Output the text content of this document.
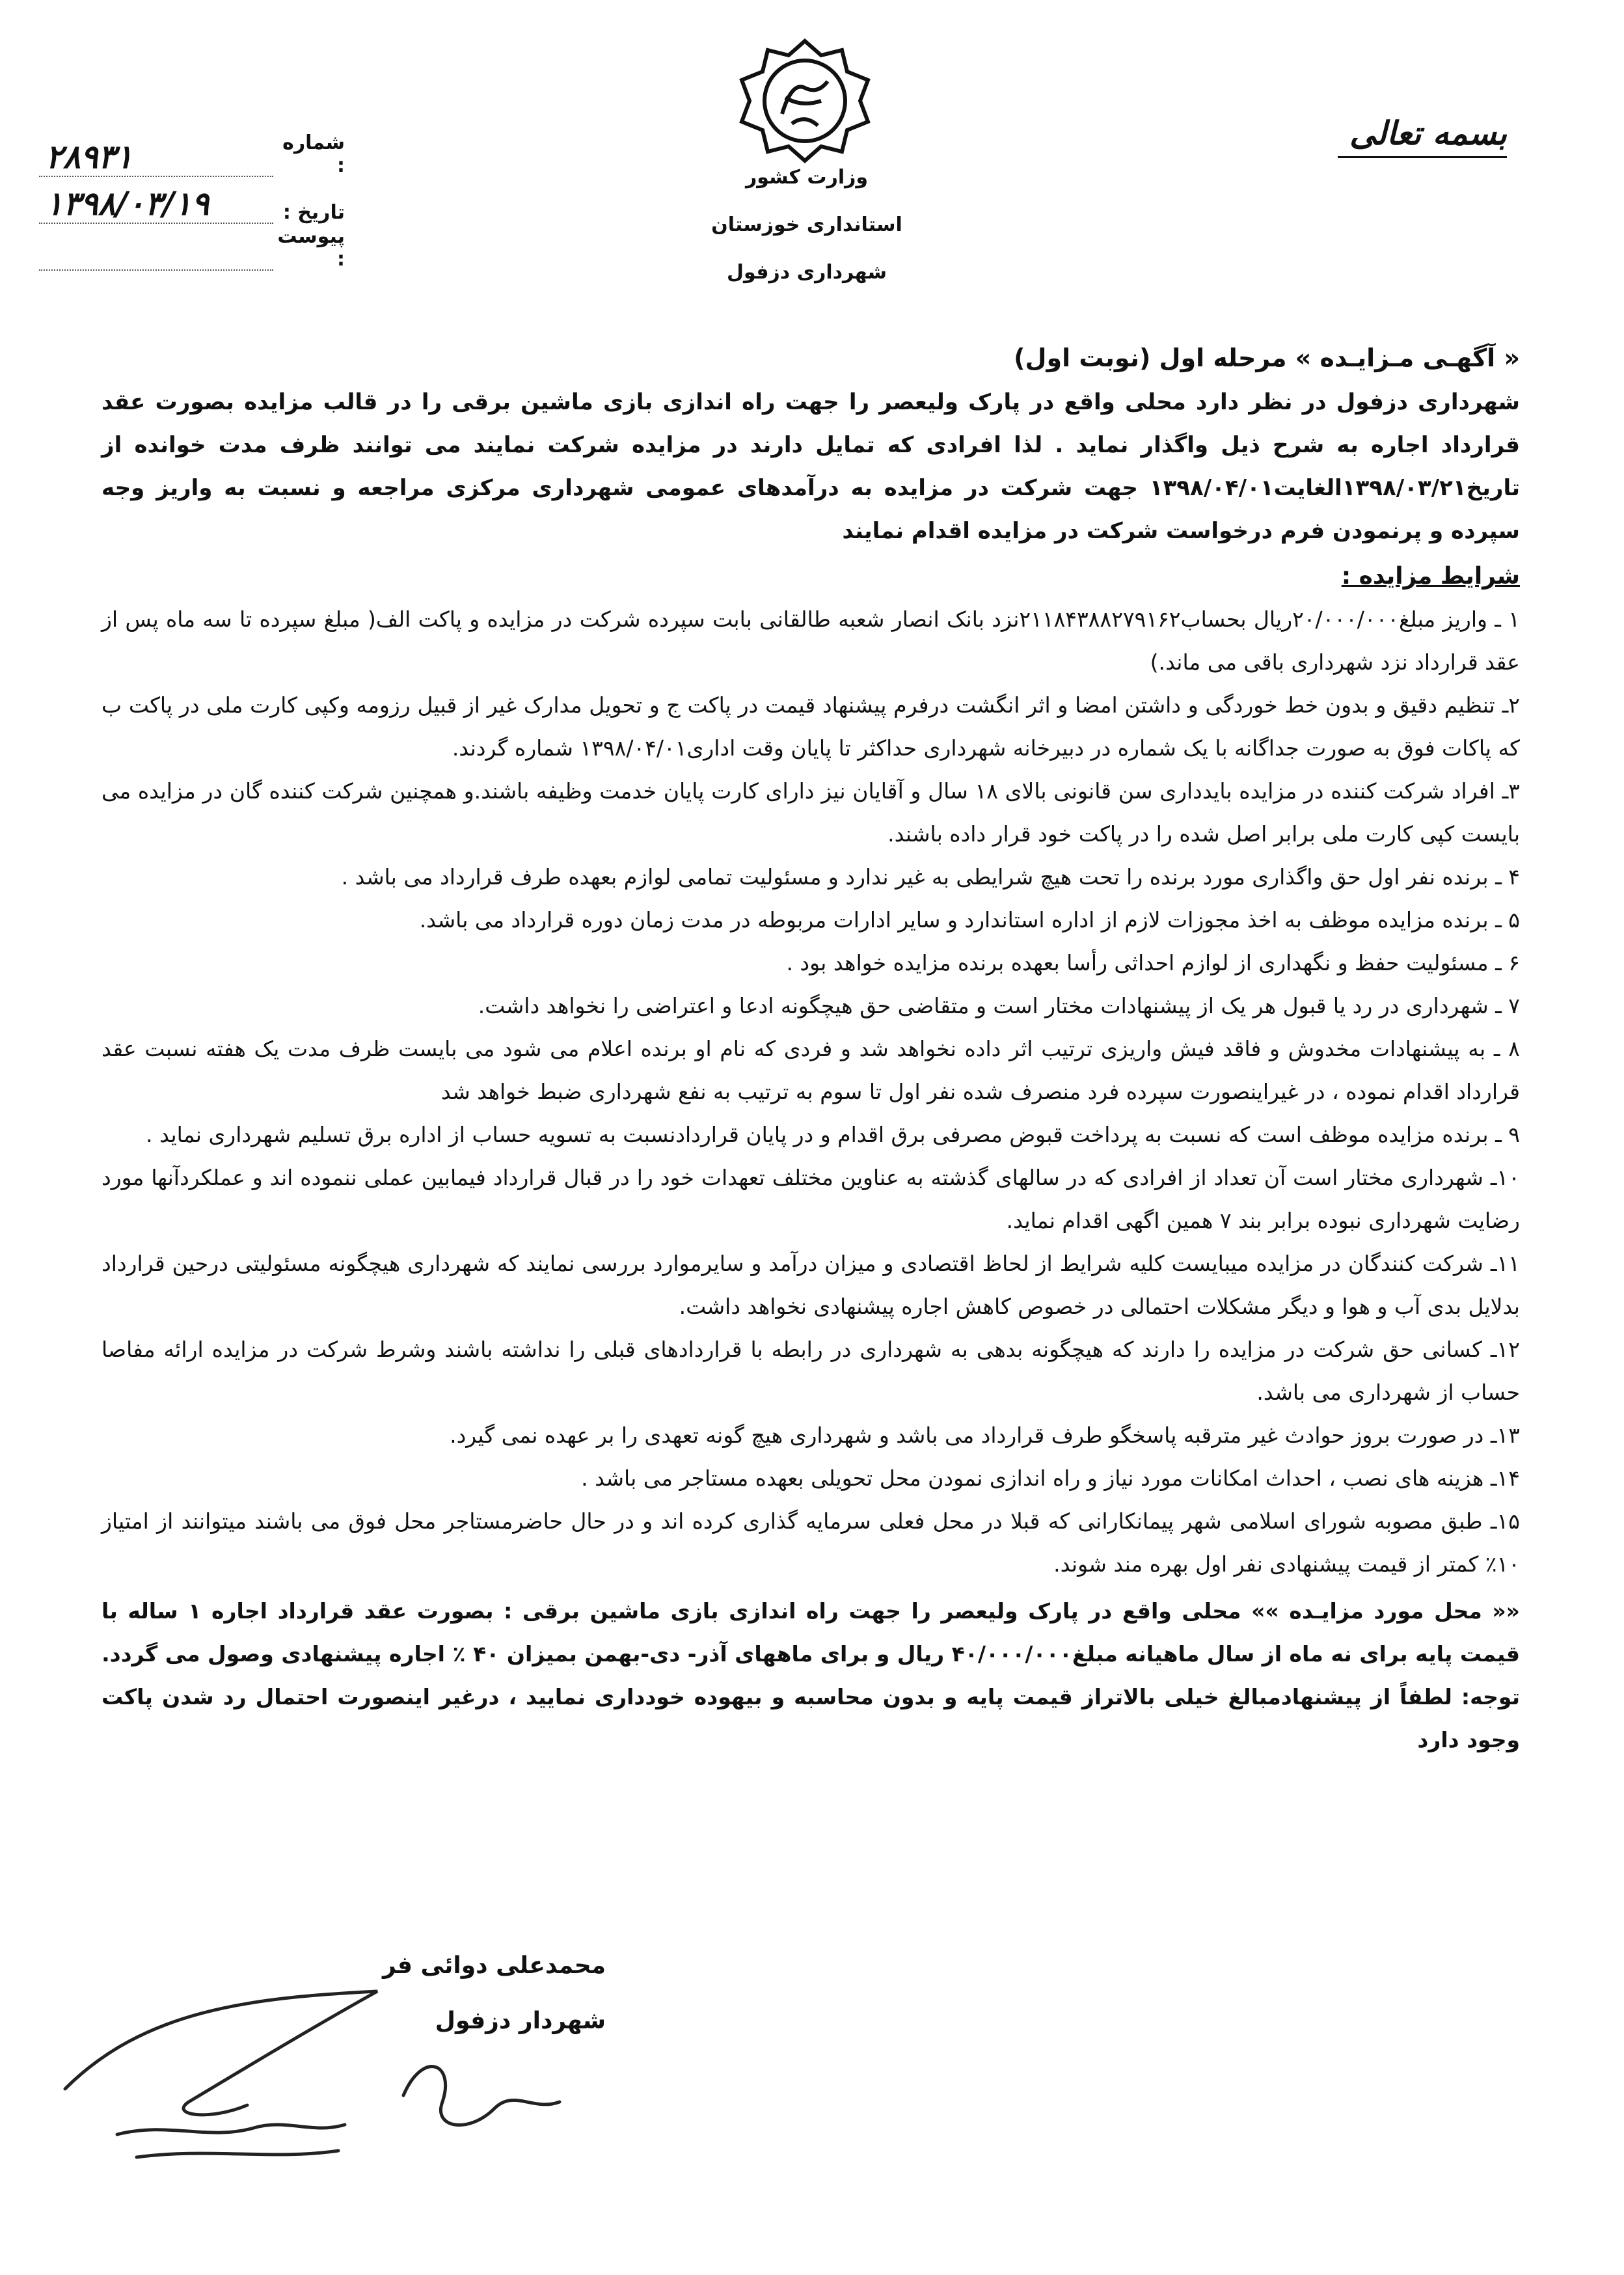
بسمه تعالی
وزارت کشور
استانداری خوزستان
شهرداری دزفول
شماره :
۲۸۹۳۱
تاریخ :
۱۳۹۸/۰۳/۱۹
پیوست :
« آگهـی مـزایـده » مرحله اول (نوبت اول)
شهرداری دزفول در نظر دارد محلی واقع در پارک ولیعصر را جهت راه اندازی بازی ماشین برقی را در قالب مزایده بصورت عقد قرارداد اجاره به شرح ذیل واگذار نماید . لذا افرادی که تمایل دارند در مزایده شرکت نمایند می توانند ظرف مدت خوانده از تاریخ۱۳۹۸/۰۳/۲۱الغایت۱۳۹۸/۰۴/۰۱ جهت شرکت در مزایده به درآمدهای عمومی شهرداری مرکزی مراجعه و نسبت به واریز وجه سپرده و پرنمودن فرم درخواست شرکت در مزایده اقدام نمایند
شرایط مزایده :
۱ ـ واریز مبلغ۲۰/۰۰۰/۰۰۰ریال بحساب۲۱۱۸۴۳۸۸۲۷۹۱۶۲نزد بانک انصار شعبه طالقانی بابت سپرده شرکت در مزایده و پاکت الف( مبلغ سپرده تا سه ماه پس از عقد قرارداد نزد شهرداری باقی می ماند.)
۲ـ تنظیم دقیق و بدون خط خوردگی و داشتن امضا و اثر انگشت درفرم پیشنهاد قیمت در پاکت ج و تحویل مدارک غیر از قبیل رزومه وکپی کارت ملی در پاکت ب که پاکات فوق به صورت جداگانه با یک شماره در دبیرخانه شهرداری حداکثر تا پایان وقت اداری۱۳۹۸/۰۴/۰۱ شماره گردند.
۳ـ افراد شرکت کننده در مزایده بایدداری سن قانونی بالای ۱۸ سال و آقایان نیز دارای کارت پایان خدمت وظیفه باشند.و همچنین شرکت کننده گان در مزایده می بایست کپی کارت ملی برابر اصل شده را در پاکت خود قرار داده باشند.
۴ ـ برنده نفر اول حق واگذاری مورد برنده را تحت هیچ شرایطی به غیر ندارد و مسئولیت تمامی لوازم بعهده طرف قرارداد می باشد .
۵ ـ برنده مزایده موظف به اخذ مجوزات لازم از اداره استاندارد و سایر ادارات مربوطه در مدت زمان دوره قرارداد می باشد.
۶ ـ مسئولیت حفظ و نگهداری از لوازم احداثی رأسا بعهده برنده مزایده خواهد بود .
۷ ـ شهرداری در رد یا قبول هر یک از پیشنهادات مختار است و متقاضی حق هیچگونه ادعا و اعتراضی را نخواهد داشت.
۸ ـ به پیشنهادات مخدوش و فاقد فیش واریزی ترتیب اثر داده نخواهد شد و فردی که نام او برنده اعلام می شود می بایست ظرف مدت یک هفته نسبت عقد قرارداد اقدام نموده ، در غیراینصورت سپرده فرد منصرف شده نفر اول تا سوم به ترتیب به نفع شهرداری ضبط خواهد شد
۹ ـ برنده مزایده موظف است که نسبت به پرداخت قبوض مصرفی برق اقدام و در پایان قراردادنسبت به تسویه حساب از اداره برق تسلیم شهرداری نماید .
۱۰ـ شهرداری مختار است آن تعداد از افرادی که در سالهای گذشته به عناوین مختلف تعهدات خود را در قبال قرارداد فیمابین عملی ننموده اند و عملکردآنها مورد رضایت شهرداری نبوده برابر بند ۷ همین اگهی اقدام نماید.
۱۱ـ شرکت کنندگان در مزایده میبایست کلیه شرایط از لحاظ اقتصادی و میزان درآمد و سایرموارد بررسی نمایند که شهرداری هیچگونه مسئولیتی درحین قرارداد بدلایل بدی آب و هوا و دیگر مشکلات احتمالی در خصوص کاهش اجاره پیشنهادی نخواهد داشت.
۱۲ـ کسانی حق شرکت در مزایده را دارند که هیچگونه بدهی به شهرداری در رابطه با قراردادهای قبلی را نداشته باشند وشرط شرکت در مزایده ارائه مفاصا حساب از شهرداری می باشد.
۱۳ـ در صورت بروز حوادث غیر مترقبه پاسخگو طرف قرارداد می باشد و شهرداری هیچ گونه تعهدی را بر عهده نمی گیرد.
۱۴ـ هزینه های نصب ، احداث امکانات مورد نیاز و راه اندازی نمودن محل تحویلی بعهده مستاجر می باشد .
۱۵ـ طبق مصوبه شورای اسلامی شهر پیمانکارانی که قبلا در محل فعلی سرمایه گذاری کرده اند و در حال حاضرمستاجر محل فوق می باشند میتوانند از امتیاز ۱۰٪ کمتر از قیمت پیشنهادی نفر اول بهره مند شوند.
«« محل مورد مزایـده »» محلی واقع در پارک ولیعصر را جهت راه اندازی بازی ماشین برقی : بصورت عقد قرارداد اجاره ۱ ساله با قیمت پایه برای نه ماه از سال ماهیانه مبلغ۴۰/۰۰۰/۰۰۰ ریال و برای ماههای آذر- دی-بهمن بمیزان ۴۰ ٪ اجاره پیشنهادی وصول می گردد.
توجه: لطفاً از پیشنهادمبالغ خیلی بالاتراز قیمت پایه و بدون محاسبه و بیهوده خودداری نمایید ، درغیر اینصورت احتمال رد شدن پاکت وجود دارد
محمدعلی دوائی فر
شهردار دزفول
